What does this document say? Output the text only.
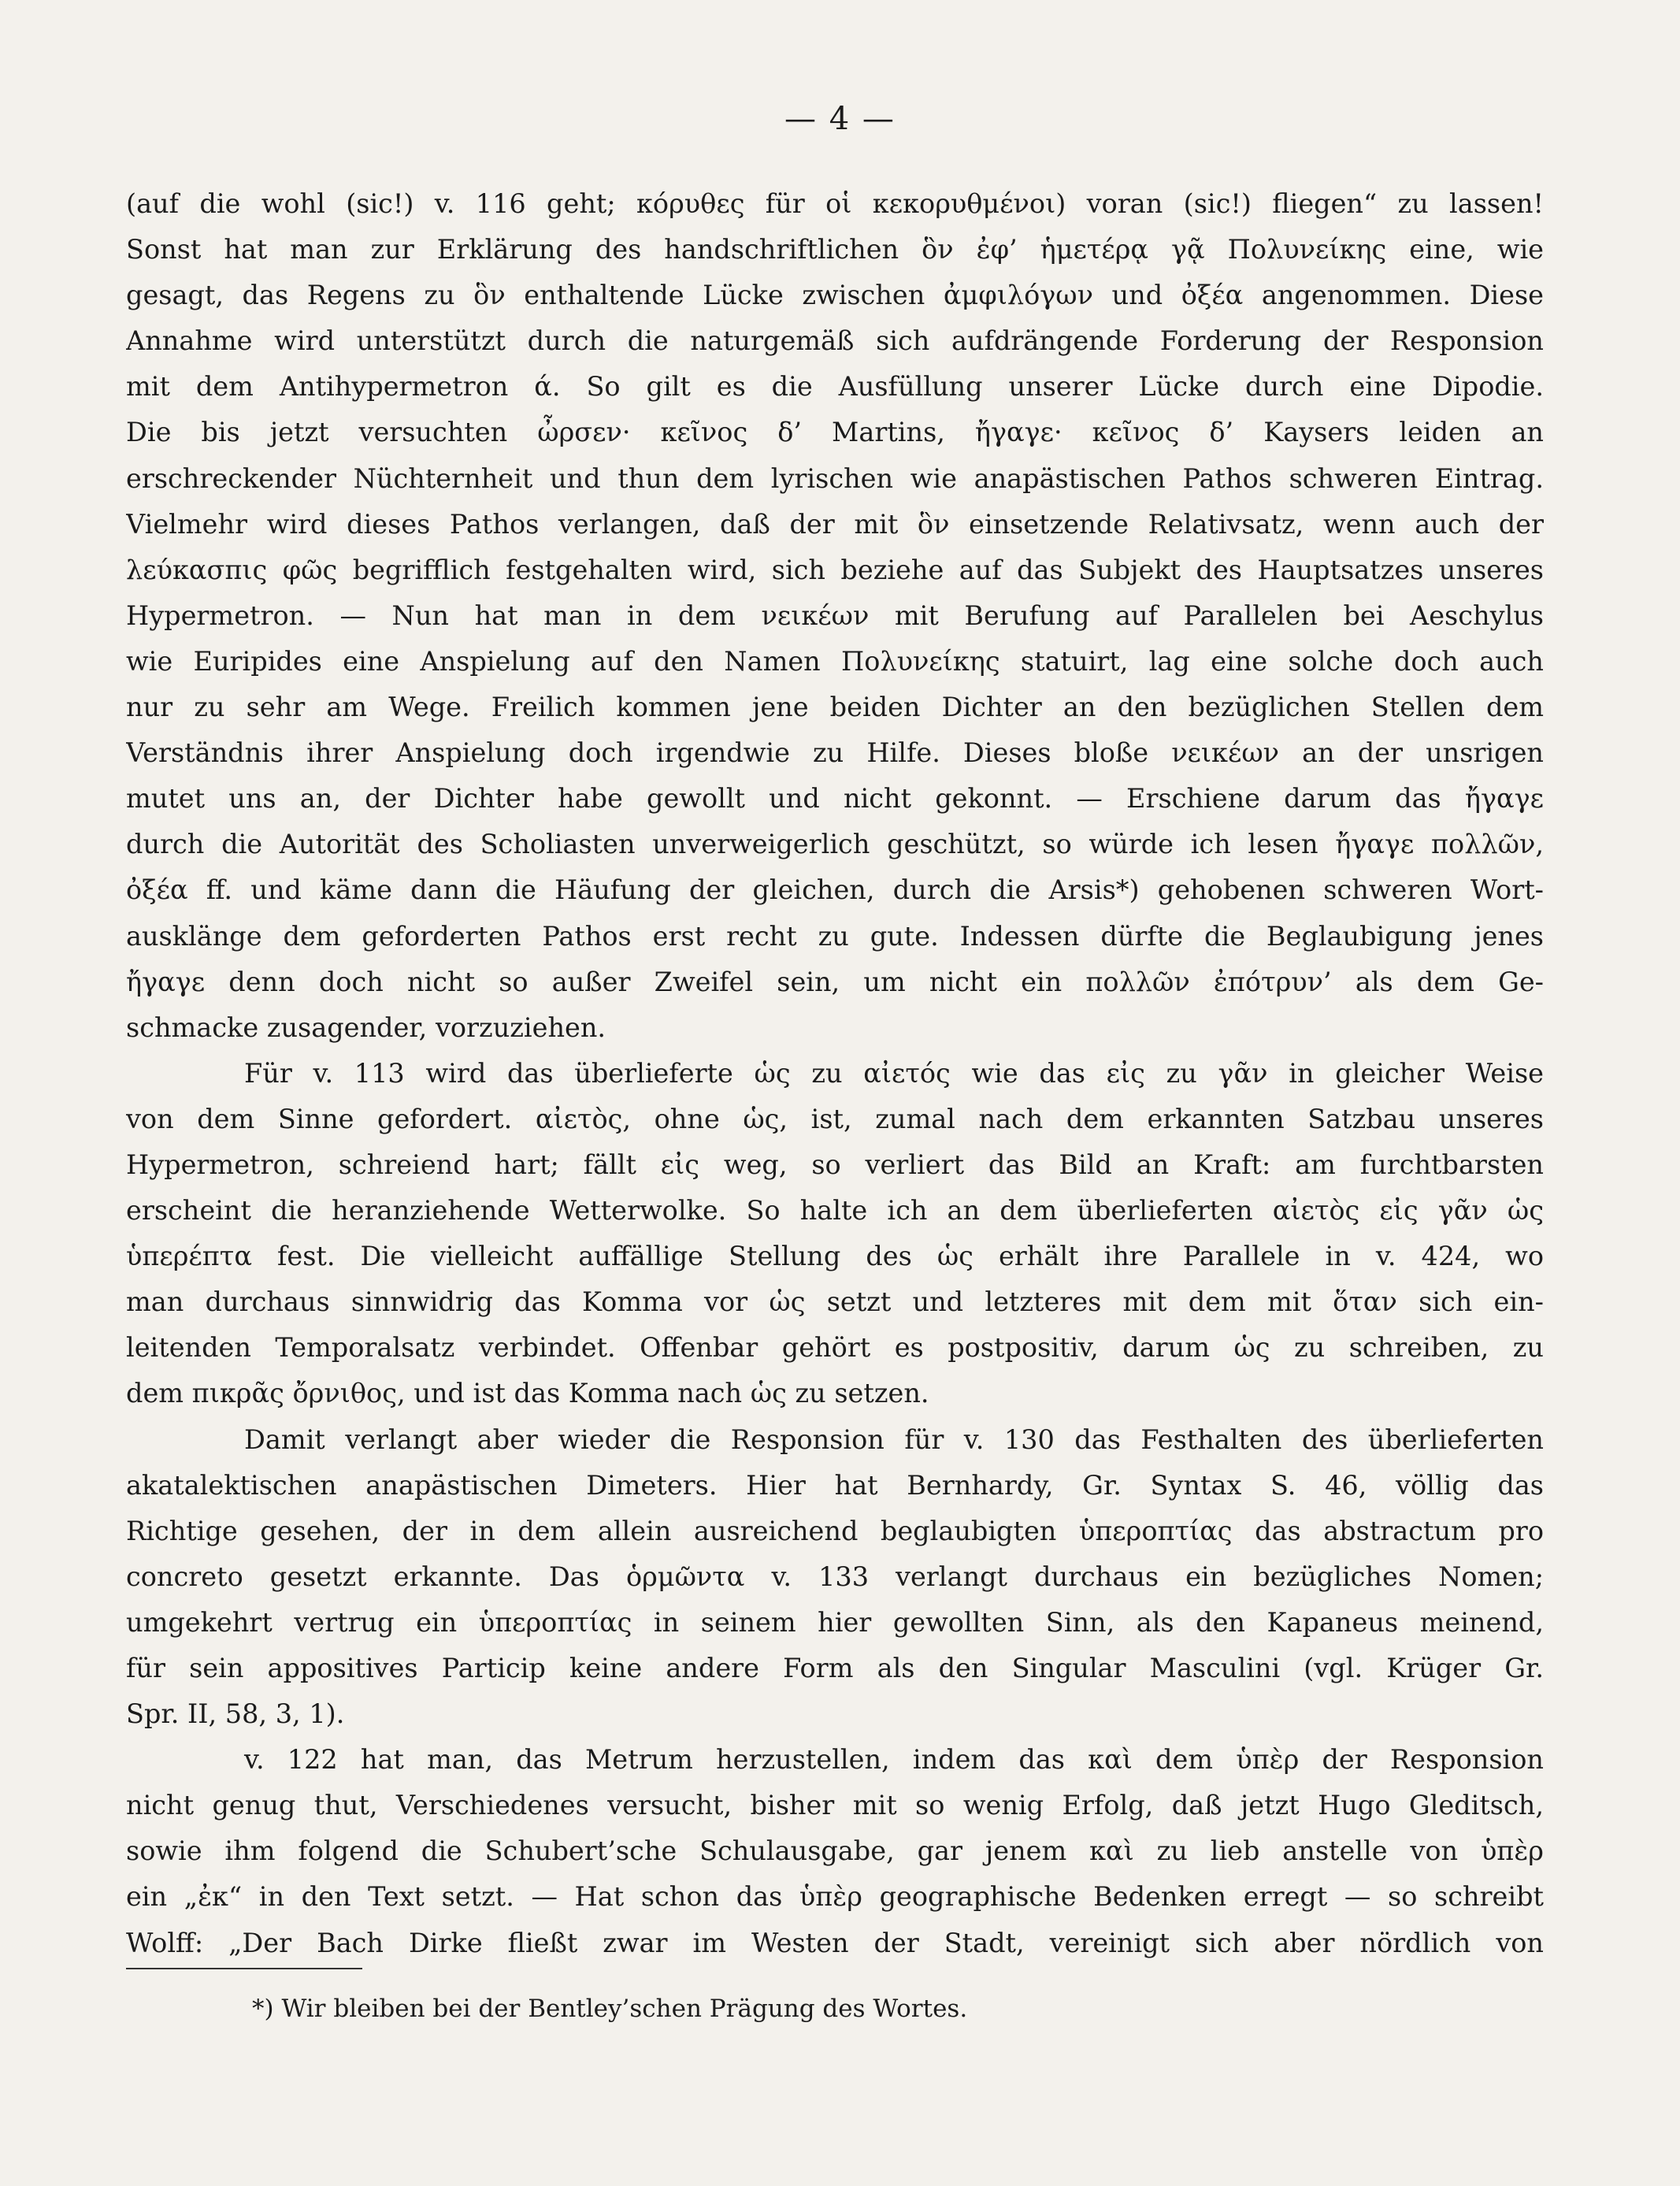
— 4 —
(auf die wohl (sic!) v. 116 geht; κόρυθες für οἱ κεκορυθμένοι) voran (sic!) fliegen“ zu lassen!
Sonst hat man zur Erklärung des handschriftlichen ὃν ἐφ’ ἡμετέρᾳ γᾷ Πολυνείκης eine, wie
gesagt, das Regens zu ὃν enthaltende Lücke zwischen ἀμφιλόγων und ὀξέα angenommen. Diese
Annahme wird unterstützt durch die naturgemäß sich aufdrängende Forderung der Responsion
mit dem Antihypermetron ά. So gilt es die Ausfüllung unserer Lücke durch eine Dipodie.
Die bis jetzt versuchten ὦρσεν· κεῖνος δ’ Martins, ἤγαγε· κεῖνος δ’ Kaysers leiden an
erschreckender Nüchternheit und thun dem lyrischen wie anapästischen Pathos schweren Eintrag.
Vielmehr wird dieses Pathos verlangen, daß der mit ὃν einsetzende Relativsatz, wenn auch der
λεύκασπις φῶς begrifflich festgehalten wird, sich beziehe auf das Subjekt des Hauptsatzes unseres
Hypermetron. — Nun hat man in dem νεικέων mit Berufung auf Parallelen bei Aeschylus
wie Euripides eine Anspielung auf den Namen Πολυνείκης statuirt, lag eine solche doch auch
nur zu sehr am Wege. Freilich kommen jene beiden Dichter an den bezüglichen Stellen dem
Verständnis ihrer Anspielung doch irgendwie zu Hilfe. Dieses bloße νεικέων an der unsrigen
mutet uns an, der Dichter habe gewollt und nicht gekonnt. — Erschiene darum das ἤγαγε
durch die Autorität des Scholiasten unverweigerlich geschützt, so würde ich lesen ἤγαγε πολλῶν,
ὀξέα ff. und käme dann die Häufung der gleichen, durch die Arsis*) gehobenen schweren Wort-
ausklänge dem geforderten Pathos erst recht zu gute. Indessen dürfte die Beglaubigung jenes
ἤγαγε denn doch nicht so außer Zweifel sein, um nicht ein πολλῶν ἐπότρυν’ als dem Ge-
schmacke zusagender, vorzuziehen.
Für v. 113 wird das überlieferte ὡς zu αἰετός wie das εἰς zu γᾶν in gleicher Weise
von dem Sinne gefordert. αἰετὸς, ohne ὡς, ist, zumal nach dem erkannten Satzbau unseres
Hypermetron, schreiend hart; fällt εἰς weg, so verliert das Bild an Kraft: am furchtbarsten
erscheint die heranziehende Wetterwolke. So halte ich an dem überlieferten αἰετὸς εἰς γᾶν ὡς
ὑπερέπτα fest. Die vielleicht auffällige Stellung des ὡς erhält ihre Parallele in v. 424, wo
man durchaus sinnwidrig das Komma vor ὡς setzt und letzteres mit dem mit ὅταν sich ein-
leitenden Temporalsatz verbindet. Offenbar gehört es postpositiv, darum ὡς zu schreiben, zu
dem πικρᾶς ὄρνιθος, und ist das Komma nach ὡς zu setzen.
Damit verlangt aber wieder die Responsion für v. 130 das Festhalten des überlieferten
akatalektischen anapästischen Dimeters. Hier hat Bernhardy, Gr. Syntax S. 46, völlig das
Richtige gesehen, der in dem allein ausreichend beglaubigten ὑπεροπτίας das abstractum pro
concreto gesetzt erkannte. Das ὁρμῶντα v. 133 verlangt durchaus ein bezügliches Nomen;
umgekehrt vertrug ein ὑπεροπτίας in seinem hier gewollten Sinn, als den Kapaneus meinend,
für sein appositives Particip keine andere Form als den Singular Masculini (vgl. Krüger Gr.
Spr. II, 58, 3, 1).
v. 122 hat man, das Metrum herzustellen, indem das καὶ dem ὑπὲρ der Responsion
nicht genug thut, Verschiedenes versucht, bisher mit so wenig Erfolg, daß jetzt Hugo Gleditsch,
sowie ihm folgend die Schubert’sche Schulausgabe, gar jenem καὶ zu lieb anstelle von ὑπὲρ
ein „ἐκ“ in den Text setzt. — Hat schon das ὑπὲρ geographische Bedenken erregt — so schreibt
Wolff: „Der Bach Dirke fließt zwar im Westen der Stadt, vereinigt sich aber nördlich von
*) Wir bleiben bei der Bentley’schen Prägung des Wortes.
